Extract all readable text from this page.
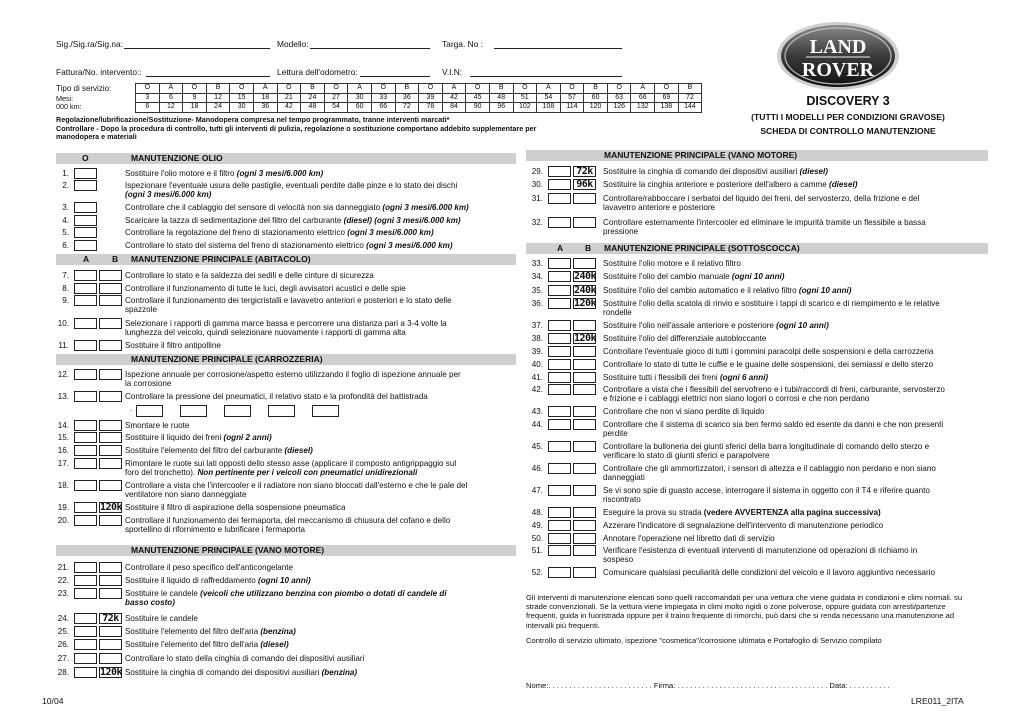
Sig./Sig.ra/Sig.na:	Modello:	Targa. No :
Fattura/No. intervento::	Lettura dell'odometro:	V.I.N:
Tipo di servizio:
Mesi:
000 km:
O	A	O	B	O	A	O	B	O	A	O	B	O	A	O	B	O	A	O	B	O	A	O	B
3	6	9	12	15	18	21	24	27	30	33	36	39	42	45	48	51	54	57	60	63	66	69	72
6	12	18	24	30	36	42	48	54	60	66	72	78	84	90	96	102	108	114	120	126	132	138	144
Regolazione/lubrificazione/Sostituzione- Manodopera compresa nel tempo programmato, tranne interventi marcati*
Controllare - Dopo la procedura di controllo, tutti gli interventi di pulizia, regolazione o sostituzione comportano addebito supplementare per
manodopera e materiali
LAND
ROVER
DISCOVERY 3
(TUTTI I MODELLI PER CONDIZIONI GRAVOSE)
SCHEDA DI CONTROLLO MANUTENZIONE
O	MANUTENZIONE OLIO
1.	Sostituire l'olio motore e il filtro (ogni 3 mesi/6.000 km)
2.	Ispezionare l'eventuale usura delle pastiglie, eventuali perdite dalle pinze e lo stato dei dischi
(ogni 3 mesi/6.000 km)
3.	Controllare che il cablaggio del sensore di velocità non sia danneggiato (ogni 3 mesi/6.000 km)
4.	Scaricare la tazza di sedimentazione del filtro del carburante (diesel) (ogni 3 mesi/6.000 km)
5.	Controllare la regolazione del freno di stazionamento elettrico (ogni 3 mesi/6.000 km)
6.	Controllare lo stato del sistema del freno di stazionamento elettrico (ogni 3 mesi/6.000 km)
A	B MANUTENZIONE PRINCIPALE (ABITACOLO)
7.	Controllare lo stato e la saldezza dei sedili e delle cinture di sicurezza
8.	Controllare il funzionamento di tutte le luci, degli avvisatori acustici e delle spie
9.	Controllare il funzionamento dei tergicristalli e lavavetro anteriori e posteriori e lo stato delle
spazzole
10.	Selezionare i rapporti di gamma marce bassa e percorrere una distanza pari a 3-4 volte la
lunghezza del veicolo, quindi selezionare nuovamente i rapporti di gamma alta
11.	Sostituire il filtro antipolline
MANUTENZIONE PRINCIPALE (CARROZZERIA)
12.	Ispezione annuale per corrosione/aspetto esterno utilizzando il foglio di ispezione annuale per
la corrosione
13.	Controllare la pressione dei pneumatici, il relativo stato e la profondità del battistrada
.
14.	Smontare le ruote
15.	Sostituire il liquido dei freni (ogni 2 anni)
16.	Sostituire l'elemento del filtro del carburante (diesel)
17.	Rimontare le ruote sui lati opposti dello stesso asse (applicare il composto antigrippaggio sul
foro del tronchetto). Non pertinente per i veicoli con pneumatici unidirezionali
18.	Controllare a vista che l'intercooler e il radiatore non siano bloccati dall'esterno e che le pale del
ventilatore non siano danneggiate
19.	120k Sostituire il filtro di aspirazione della sospensione pneumatica
20.	Controllare il funzionamento dei fermaporta, del meccanismo di chiusura del cofano e dello
sportellino di rifornimento e lubrificare i fermaporta
MANUTENZIONE PRINCIPALE (VANO MOTORE)
21.	Controllare il peso specifico dell'anticongelante
22.	Sostituire il liquido di raffreddamento (ogni 10 anni)
23.	Sostituire le candele (veicoli che utilizzano benzina con piombo o dotati di candele di
basso costo)
24.	72k Sostituire le candele
25.	Sostituire l'elemento del filtro dell'aria (benzina)
26.	Sostituire l'elemento del filtro dell'aria (diesel)
27.	Controllare lo stato della cinghia di comando dei dispositivi ausiliari
28.	120k Sostituire la cinghia di comando dei dispositivi ausiliari (benzina)
MANUTENZIONE PRINCIPALE (VANO MOTORE)
29.	72k	Sostituire la cinghia di comando dei dispositivi ausiliari (diesel)
30.	96k	Sostituire la cinghia anteriore e posteriore dell'albero a camme (diesel)
31.	Controllare/rabboccare i serbatoi del liquido dei freni, del servosterzo, della frizione e del
lavavetro anteriore e posteriore
32.	Controllare esternamente l'intercooler ed eliminare le impurità tramite un flessibile a bassa
pressione
A	B MANUTENZIONE PRINCIPALE (SOTTOSCOCCA)
33.	Sostituire l'olio motore e il relativo filtro
34.	240k Sostituire l'olio del cambio manuale (ogni 10 anni)
35.	240k Sostituire l'olio del cambio automatico e il relativo filtro (ogni 10 anni)
36.	120k Sostituire l'olio della scatola di rinvio e sostituire i tappi di scarico e di riempimento e le relative
rondelle
37.	Sostituire l'olio nell'assale anteriore e posteriore (ogni 10 anni)
38.	120k Sostituire l'olio del differenziale autobloccante
39.	Controllare l'eventuale gioco di tutti i gommini paracolpi delle sospensioni e della carrozzeria
40.	Controllare lo stato di tutte le cuffie e le guaine delle sospensioni, dei semiassi e dello sterzo
41.	Sostituire tutti i flessibili dei freni (ogni 6 anni)
42.	Controllare a vista che i flessibili del servofreno e i tubi/raccordi di freni, carburante, servosterzo
e frizione e i cablaggi elettrici non siano logori o corrosi e che non perdano
43.	Controllare che non vi siano perdite di liquido
44.	Controllare che il sistema di scarico sia ben fermo saldo ed esente da danni e che non presenti
perdite
45.	Controllare la bulloneria dei giunti sferici della barra longitudinale di comando dello sterzo e
verificare lo stato di giunti sferici e parapolvere
46.	Controllare che gli ammortizzatori, i sensori di altezza e il cablaggio non perdano e non siano
danneggiati
47.	Se vi sono spie di guasto accese, interrogare il sistema in oggetto con il T4 e riferire quanto
riscontrato
48.	Eseguire la prova su strada (vedere AVVERTENZA alla pagina successiva)
49.	Azzerare l'indicatore di segnalazione dell'intervento di manutenzione periodico
50.	Annotare l'operazione nel libretto dati di servizio
51.	Verificare l'esistenza di eventuali interventi di manutenzione od operazioni di richiamo in
sospeso
52.	Comunicare qualsiasi peculiarità delle condizioni del veicolo e il lavoro aggiuntivo necessario
Gli interventi di manutenzione elencati sono quelli raccomandati per una vettura che viene guidata in condizioni e climi normali. su strade convenzionali. Se la vettura viene impiegata in climi molto rigidi o zone polverose, oppure guidata con arresti/partenze frequenti, guida in fuoristrada oppure per il traino frequente di rimorchi, può darsi che si renda necessario una manutenzione ad intervalli più frequenti.
Controllo di servizio ultimato, ispezione "cosmetica"/corrosione ultimata e Portafoglio di Servizio compilato
Nome:. . . . . . . . . . . . . . . . . . . . . . . . . Firma: . . . . . . . . . . . . . . . . . . . . . . . . . . . . . . . . . . . . Data: . . . . . . . . . .
10/04	LRE011_2ITA
